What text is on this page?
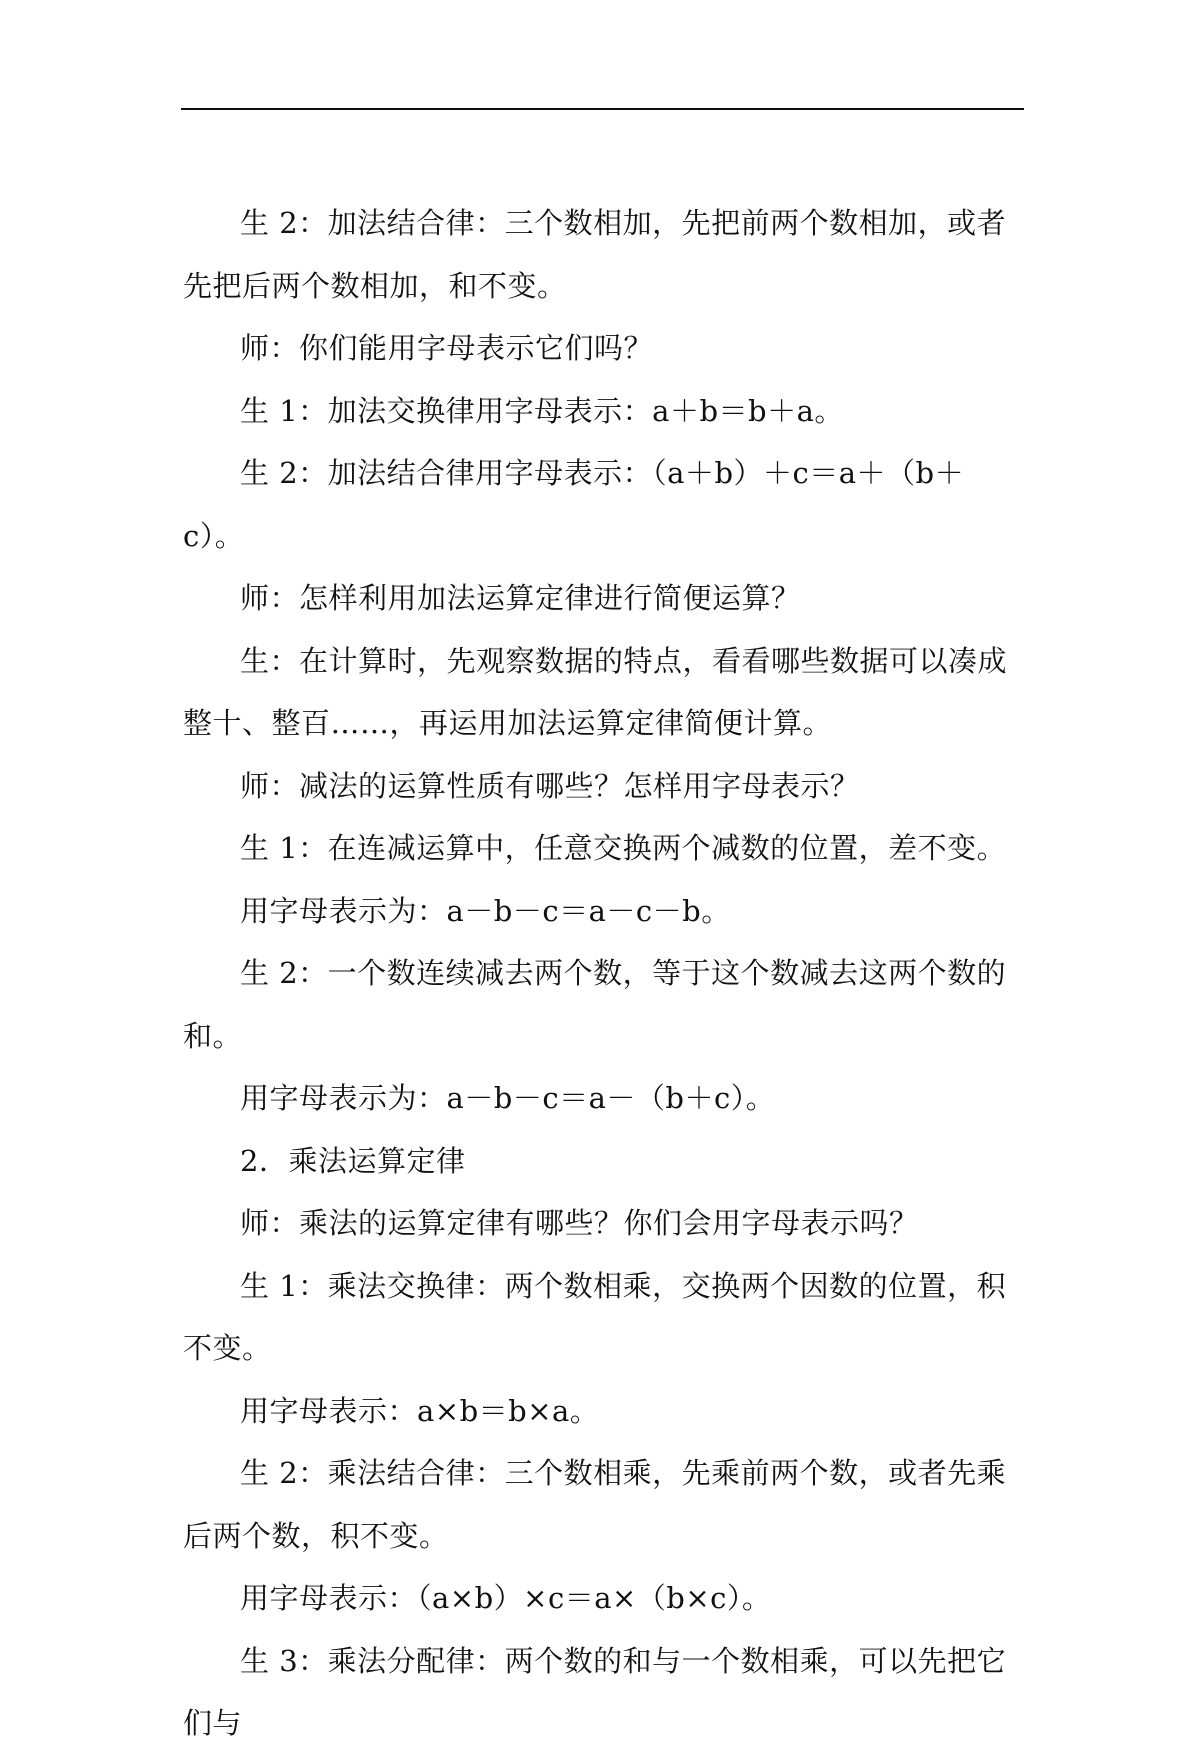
生 2：加法结合律：三个数相加，先把前两个数相加，或者先把后两个数相加，和不变。

师：你们能用字母表示它们吗？

生 1：加法交换律用字母表示：a＋b＝b＋a。

生 2：加法结合律用字母表示：（a＋b）＋c＝a＋（b＋c）。

师：怎样利用加法运算定律进行简便运算？

生：在计算时，先观察数据的特点，看看哪些数据可以凑成整十、整百……，再运用加法运算定律简便计算。

师：减法的运算性质有哪些？怎样用字母表示？

生 1：在连减运算中，任意交换两个减数的位置，差不变。

用字母表示为：a－b－c＝a－c－b。

生 2：一个数连续减去两个数，等于这个数减去这两个数的和。

用字母表示为：a－b－c＝a－（b＋c）。

2．乘法运算定律

师：乘法的运算定律有哪些？你们会用字母表示吗？

生 1：乘法交换律：两个数相乘，交换两个因数的位置，积不变。

用字母表示：a×b＝b×a。

生 2：乘法结合律：三个数相乘，先乘前两个数，或者先乘后两个数，积不变。

用字母表示：（a×b）×c＝a×（b×c）。

生 3：乘法分配律：两个数的和与一个数相乘，可以先把它们与
